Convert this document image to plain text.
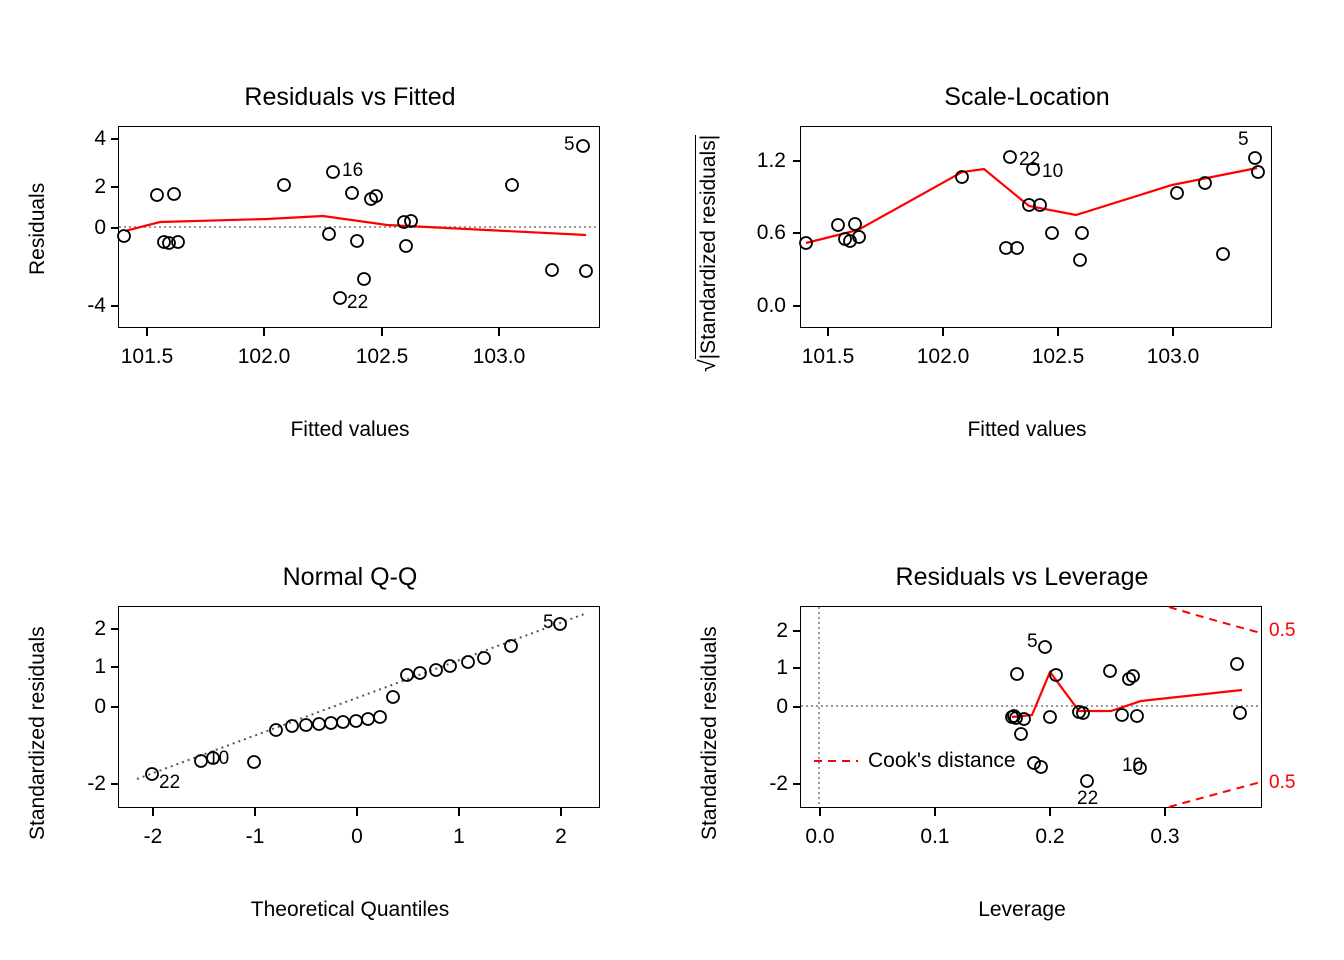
Residuals vs Fitted
Residuals
Fitted values
4
2
0
-4
101.5	102.0	102.5	103.0
5
16
22
Scale-Location
√|Standardized residuals|
Fitted values
1.2
0.6
0.0
101.5	102.0	102.5	103.0
22
10
5
Normal Q-Q
Standardized residuals
Theoretical Quantiles
2
1
0
-2
-2	-1	0	1	2
5
10
22
Residuals vs Leverage
Standardized residuals
Leverage
2
1
0
-2
0.0	0.1	0.2	0.3
Cook's distance
0.5
0.5
5
22
10
